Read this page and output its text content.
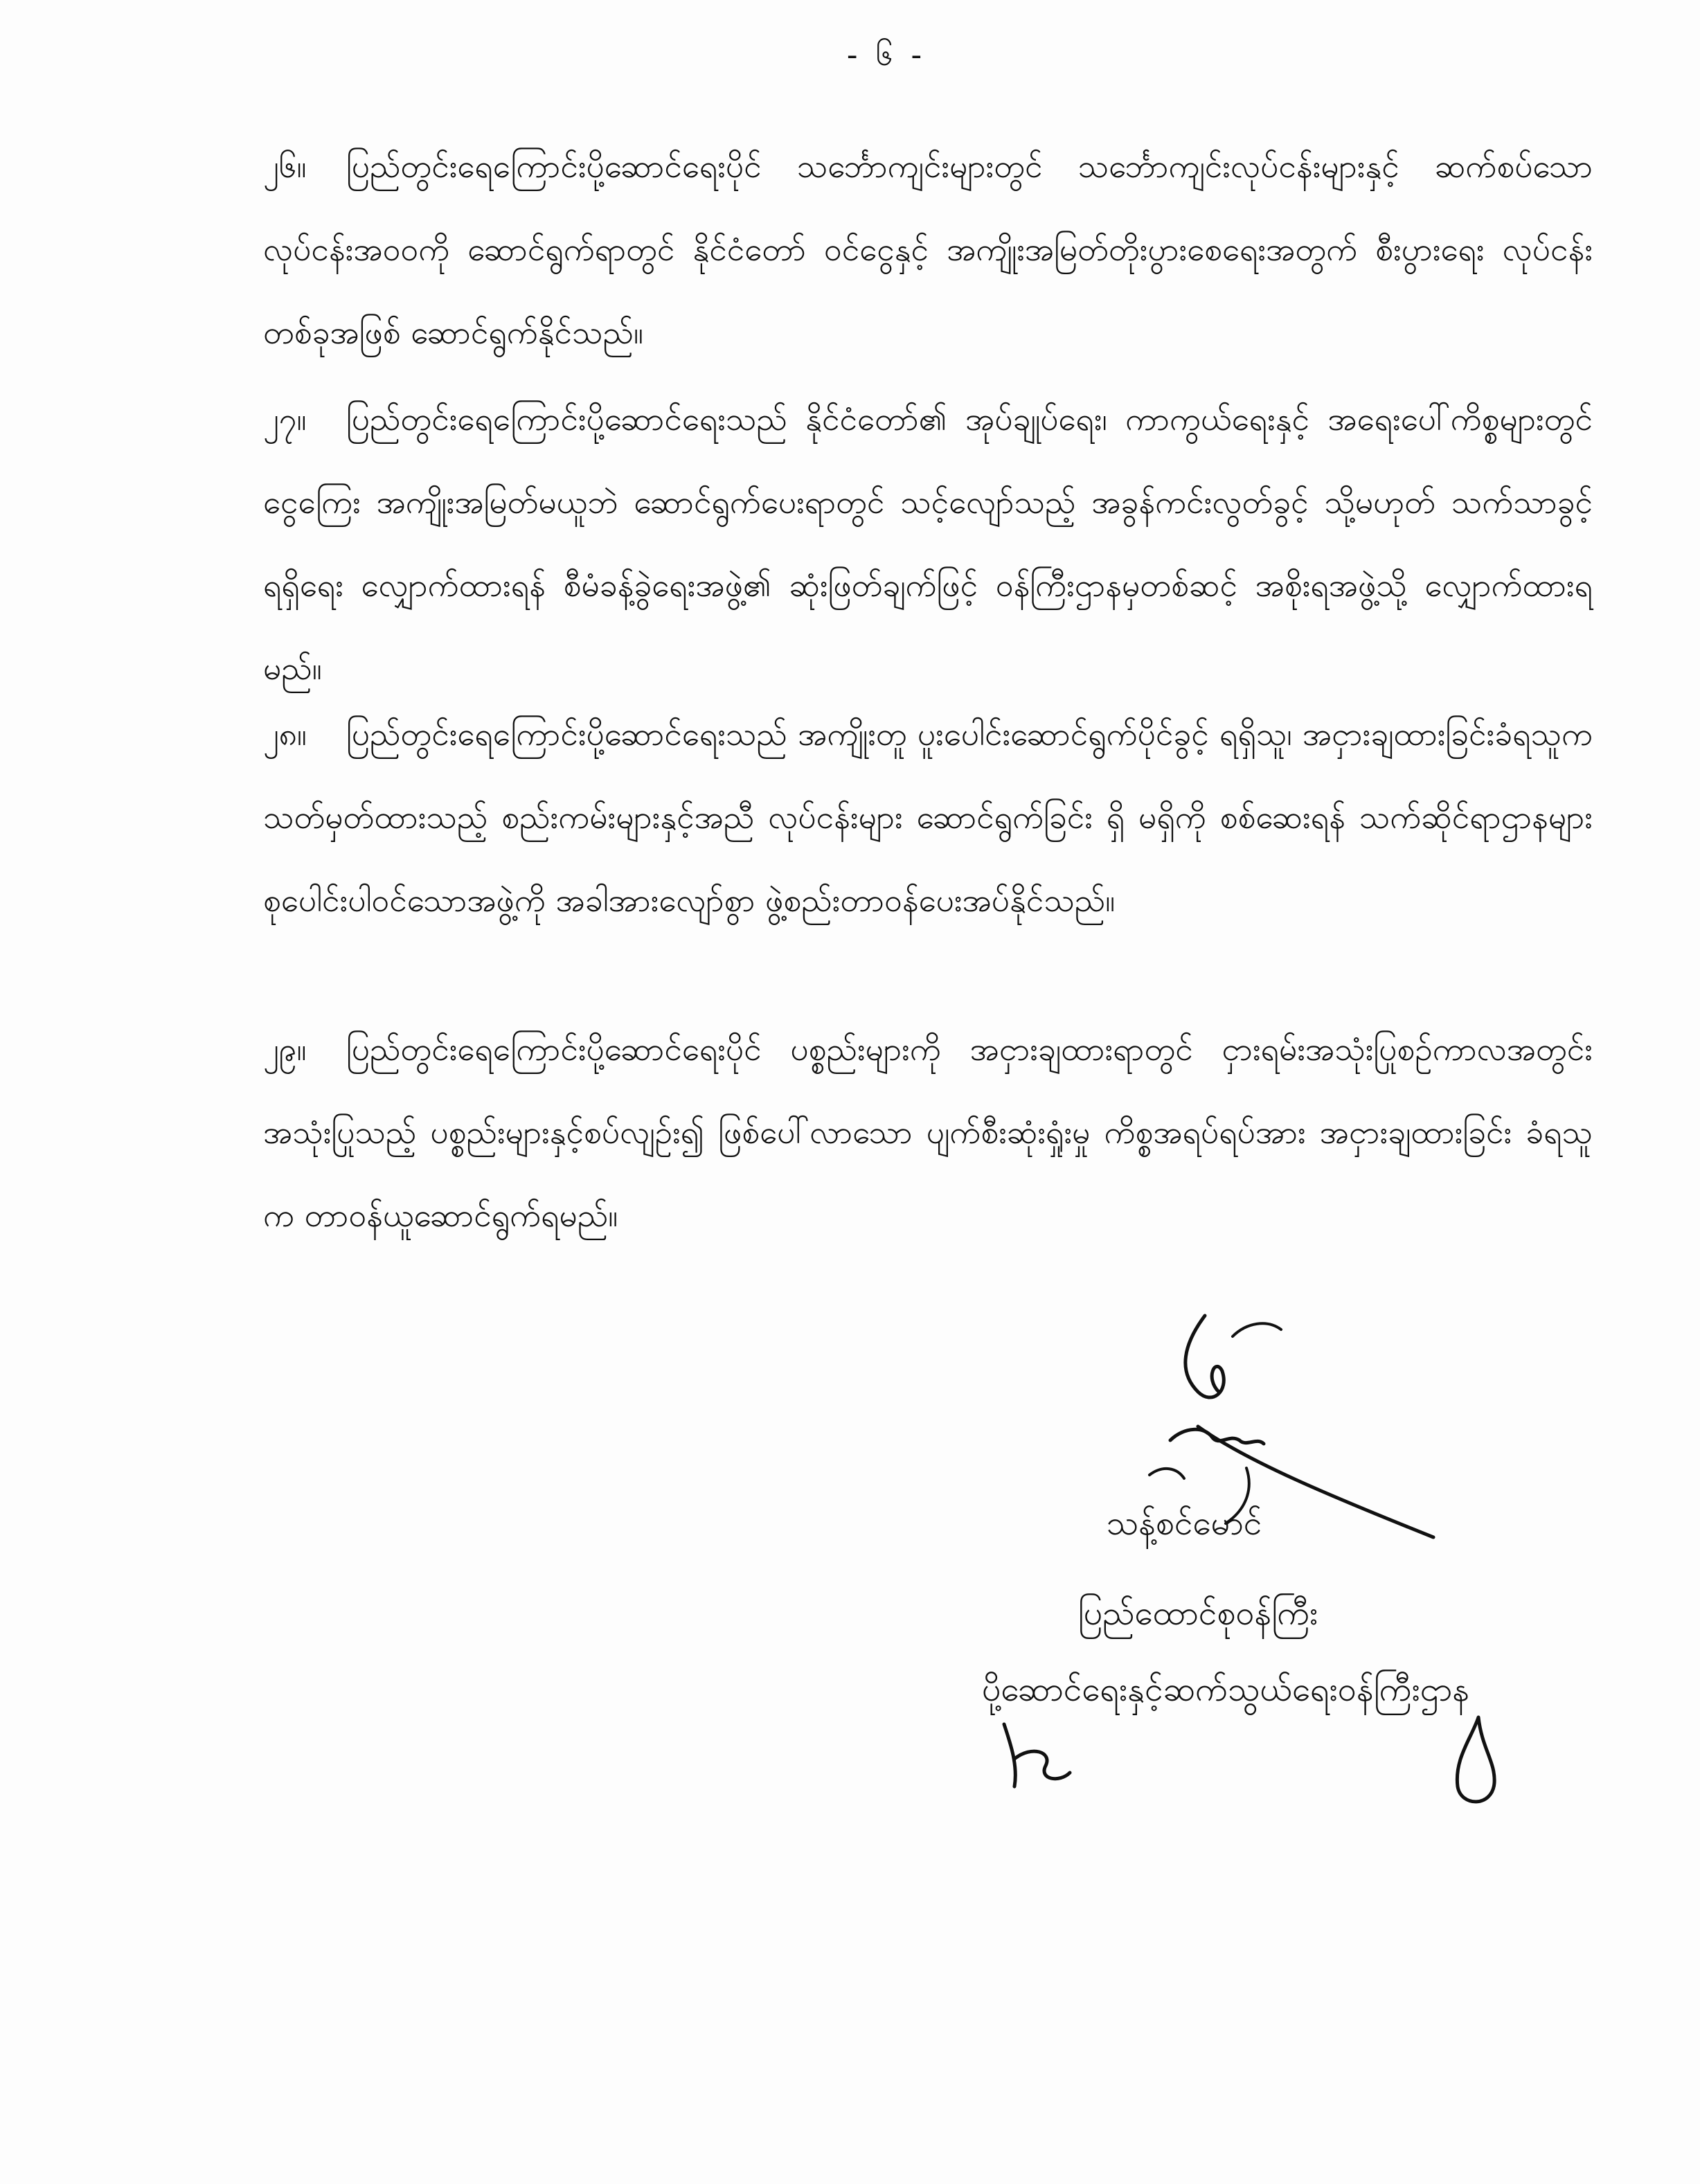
- ၆ -
၂၆။ ပြည်တွင်းရေကြောင်းပို့ဆောင်ရေးပိုင် သင်္ဘောကျင်းများတွင် သင်္ဘောကျင်းလုပ်ငန်းများနှင့် ဆက်စပ်သော လုပ်ငန်းအဝဝကို ဆောင်ရွက်ရာတွင် နိုင်ငံတော် ဝင်ငွေနှင့် အကျိုးအမြတ်တိုးပွားစေရေးအတွက် စီးပွားရေး လုပ်ငန်းတစ်ခုအဖြစ် ဆောင်ရွက်နိုင်သည်။
၂၇။ ပြည်တွင်းရေကြောင်းပို့ဆောင်ရေးသည် နိုင်ငံတော်၏ အုပ်ချုပ်ရေး၊ ကာကွယ်ရေးနှင့် အရေးပေါ်ကိစ္စများတွင် ငွေကြေး အကျိုးအမြတ်မယူဘဲ ဆောင်ရွက်ပေးရာတွင် သင့်လျော်သည့် အခွန်ကင်းလွတ်ခွင့် သို့မဟုတ် သက်သာခွင့်ရရှိရေး လျှောက်ထားရန် စီမံခန့်ခွဲရေးအဖွဲ့၏ ဆုံးဖြတ်ချက်ဖြင့် ဝန်ကြီးဌာနမှတစ်ဆင့် အစိုးရအဖွဲ့သို့ လျှောက်ထားရမည်။
၂၈။ ပြည်တွင်းရေကြောင်းပို့ဆောင်ရေးသည် အကျိုးတူ ပူးပေါင်းဆောင်ရွက်ပိုင်ခွင့် ရရှိသူ၊ အငှားချထားခြင်းခံရသူက သတ်မှတ်ထားသည့် စည်းကမ်းများနှင့်အညီ လုပ်ငန်းများ ဆောင်ရွက်ခြင်း ရှိ မရှိကို စစ်ဆေးရန် သက်ဆိုင်ရာဌာနများ စုပေါင်းပါဝင်သောအဖွဲ့ကို အခါအားလျော်စွာ ဖွဲ့စည်းတာဝန်ပေးအပ်နိုင်သည်။
၂၉။ ပြည်တွင်းရေကြောင်းပို့ဆောင်ရေးပိုင် ပစ္စည်းများကို အငှားချထားရာတွင် ငှားရမ်းအသုံးပြုစဉ်ကာလအတွင်း အသုံးပြုသည့် ပစ္စည်းများနှင့်စပ်လျဉ်း၍ ဖြစ်ပေါ်လာသော ပျက်စီးဆုံးရှုံးမှု ကိစ္စအရပ်ရပ်အား အငှားချထားခြင်း ခံရသူက တာဝန်ယူဆောင်ရွက်ရမည်။
သန့်စင်မောင်
ပြည်ထောင်စုဝန်ကြီး
ပို့ဆောင်ရေးနှင့်ဆက်သွယ်ရေးဝန်ကြီးဌာန
